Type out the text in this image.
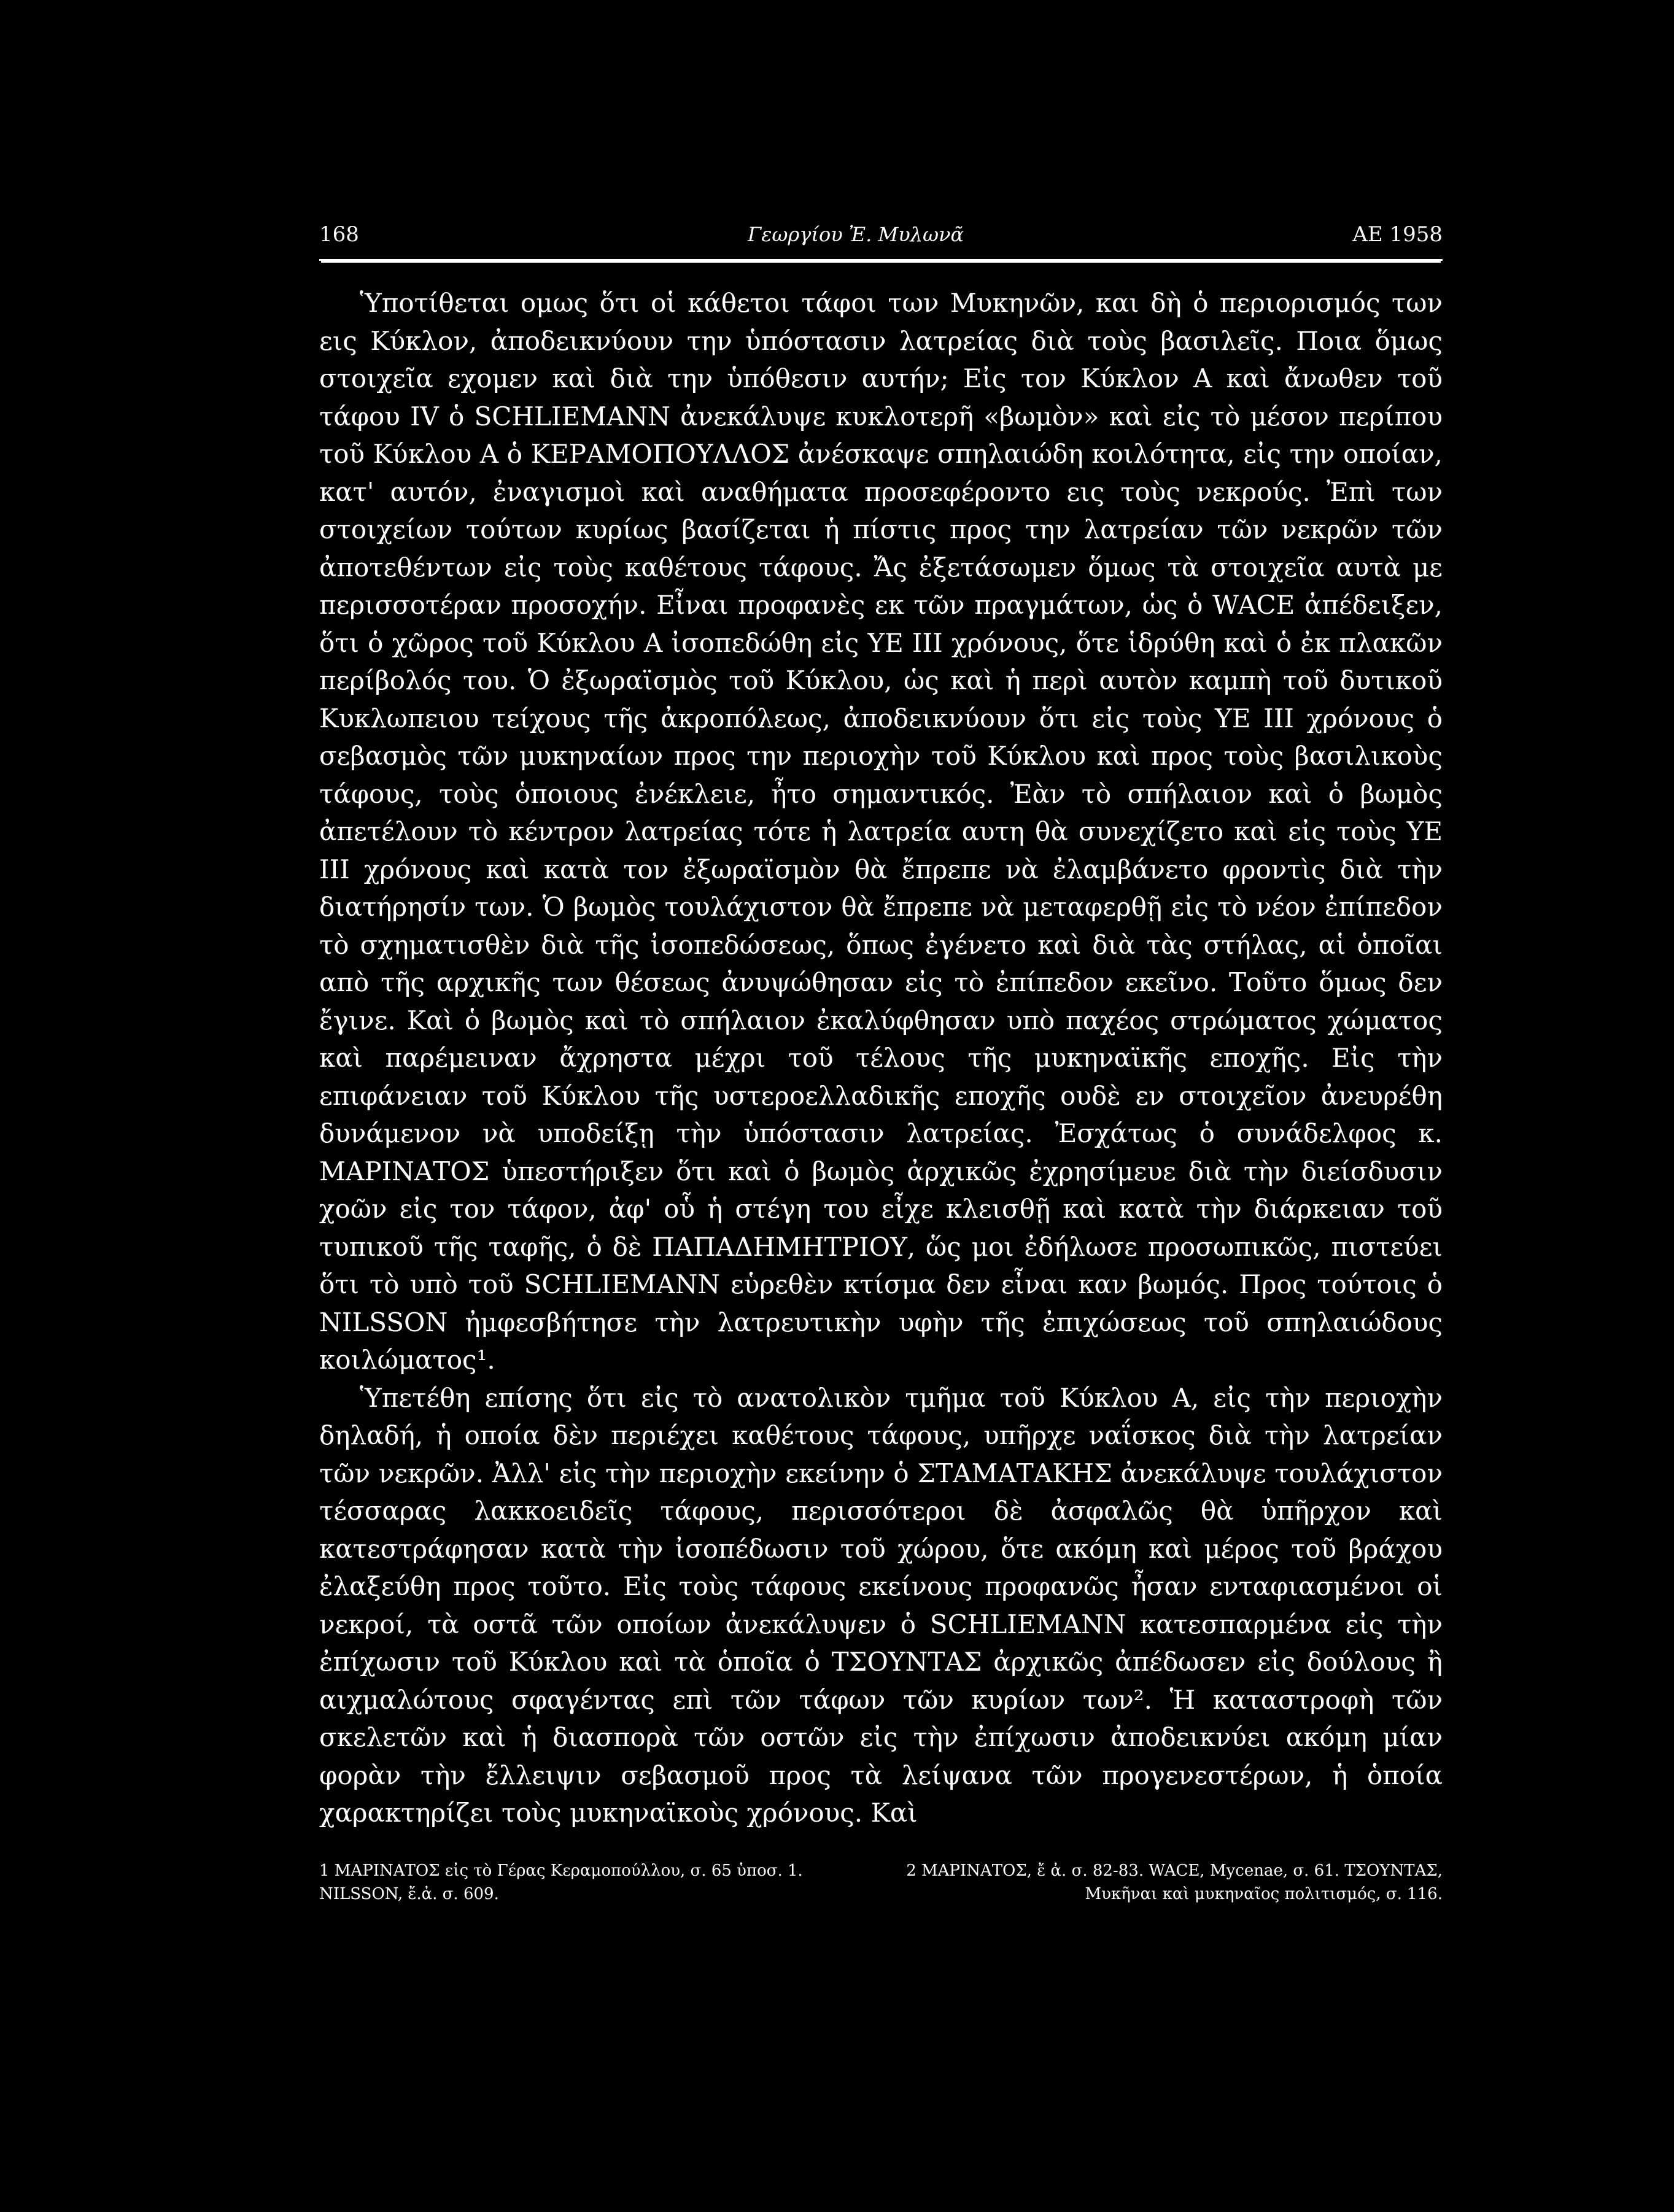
168	Γεωργίου Ἐ. Μυλωνᾶ	ΑΕ 1958

Ὑποτίθεται ομως ὅτι οἱ κάθετοι τάφοι των Μυκηνῶν, και δὴ ὁ περιορισμός των εις Κύκλον, ἀποδεικνύουν την ὑπόστασιν λατρείας διὰ τοὺς βασιλεῖς. Ποια ὅμως στοιχεῖα εχομεν καὶ διὰ την ὑπόθεσιν αυτήν; Εἰς τον Κύκλον Α καὶ ἄνωθεν τοῦ τάφου IV ὁ SCHLIEMANN ἀνεκάλυψε κυκλοτερῆ «βωμὸν» καὶ εἰς τὸ μέσον περίπου τοῦ Κύκλου Α ὁ ΚΕΡΑΜΟΠΟΥΛΛΟΣ ἀνέσκαψε σπηλαιώδη κοιλότητα, εἰς την οποίαν, κατ' αυτόν, ἐναγισμοὶ καὶ αναθήματα προσεφέροντο εις τοὺς νεκρούς. Ἐπὶ των στοιχείων τούτων κυρίως βασίζεται ἡ πίστις προς την λατρείαν τῶν νεκρῶν τῶν ἀποτεθέντων εἰς τοὺς καθέτους τάφους. Ἄς ἐξετάσωμεν ὅμως τὰ στοιχεῖα αυτὰ με περισσοτέραν προσοχήν. Εἶναι προφανὲς εκ τῶν πραγμάτων, ὡς ὁ WACE ἀπέδειξεν, ὅτι ὁ χῶρος τοῦ Κύκλου Α ἰσοπεδώθη εἰς ΥΕ III χρόνους, ὅτε ἱδρύθη καὶ ὁ ἐκ πλακῶν περίβολός του. Ὁ ἐξωραϊσμὸς τοῦ Κύκλου, ὡς καὶ ἡ περὶ αυτὸν καμπὴ τοῦ δυτικοῦ Κυκλωπειου τείχους τῆς ἀκροπόλεως, ἀποδεικνύουν ὅτι εἰς τοὺς ΥΕ III χρόνους ὁ σεβασμὸς τῶν μυκηναίων προς την περιοχὴν τοῦ Κύκλου καὶ προς τοὺς βασιλικοὺς τάφους, τοὺς ὁποιους ἐνέκλειε, ἦτο σημαντικός. Ἐὰν τὸ σπήλαιον καὶ ὁ βωμὸς ἀπετέλουν τὸ κέντρον λατρείας τότε ἡ λατρεία αυτη θὰ συνεχίζετο καὶ εἰς τοὺς ΥΕ III χρόνους καὶ κατὰ τον ἐξωραϊσμὸν θὰ ἔπρεπε νὰ ἐλαμβάνετο φροντὶς διὰ τὴν διατήρησίν των. Ὁ βωμὸς τουλάχιστον θὰ ἔπρεπε νὰ μεταφερθῇ εἰς τὸ νέον ἐπίπεδον τὸ σχηματισθὲν διὰ τῆς ἰσοπεδώσεως, ὅπως ἐγένετο καὶ διὰ τὰς στήλας, αἱ ὁποῖαι απὸ τῆς αρχικῆς των θέσεως ἀνυψώθησαν εἰς τὸ ἐπίπεδον εκεῖνο. Τοῦτο ὅμως δεν ἔγινε. Καὶ ὁ βωμὸς καὶ τὸ σπήλαιον ἐκαλύφθησαν υπὸ παχέος στρώματος χώματος καὶ παρέμειναν ἄχρηστα μέχρι τοῦ τέλους τῆς μυκηναϊκῆς εποχῆς. Εἰς τὴν επιφάνειαν τοῦ Κύκλου τῆς υστεροελλαδικῆς εποχῆς ουδὲ εν στοιχεῖον ἀνευρέθη δυνάμενον νὰ υποδείξῃ τὴν ὑπόστασιν λατρείας. Ἐσχάτως ὁ συνάδελφος κ. ΜΑΡΙΝΑΤΟΣ ὑπεστήριξεν ὅτι καὶ ὁ βωμὸς ἀρχικῶς ἐχρησίμευε διὰ τὴν διείσδυσιν χοῶν εἰς τον τάφον, ἀφ' οὗ ἡ στέγη του εἶχε κλεισθῇ καὶ κατὰ τὴν διάρκειαν τοῦ τυπικοῦ τῆς ταφῆς, ὁ δὲ ΠΑΠΑΔΗΜΗΤΡΙΟΥ, ὥς μοι ἐδήλωσε προσωπικῶς, πιστεύει ὅτι τὸ υπὸ τοῦ SCHLIEMANN εὑρεθὲν κτίσμα δεν εἶναι καν βωμός. Προς τούτοις ὁ NILSSON ἠμφεσβήτησε τὴν λατρευτικὴν υφὴν τῆς ἐπιχώσεως τοῦ σπηλαιώδους κοιλώματος¹.

Ὑπετέθη επίσης ὅτι εἰς τὸ ανατολικὸν τμῆμα τοῦ Κύκλου Α, εἰς τὴν περιοχὴν δηλαδή, ἡ οποία δὲν περιέχει καθέτους τάφους, υπῆρχε ναΐσκος διὰ τὴν λατρείαν τῶν νεκρῶν. Ἀλλ' εἰς τὴν περιοχὴν εκείνην ὁ ΣΤΑΜΑΤΑΚΗΣ ἀνεκάλυψε τουλάχιστον τέσσαρας λακκοειδεῖς τάφους, περισσότεροι δὲ ἀσφαλῶς θὰ ὑπῆρχον καὶ κατεστράφησαν κατὰ τὴν ἰσοπέδωσιν τοῦ χώρου, ὅτε ακόμη καὶ μέρος τοῦ βράχου ἐλαξεύθη προς τοῦτο. Εἰς τοὺς τάφους εκείνους προφανῶς ἦσαν ενταφιασμένοι οἱ νεκροί, τὰ οστᾶ τῶν οποίων ἀνεκάλυψεν ὁ SCHLIEMANN κατεσπαρμένα εἰς τὴν ἐπίχωσιν τοῦ Κύκλου καὶ τὰ ὁποῖα ὁ ΤΣΟΥΝΤΑΣ ἀρχικῶς ἀπέδωσεν εἰς δούλους ἢ αιχμαλώτους σφαγέντας επὶ τῶν τάφων τῶν κυρίων των². Ἡ καταστροφὴ τῶν σκελετῶν καὶ ἡ διασπορὰ τῶν οστῶν εἰς τὴν ἐπίχωσιν ἀποδεικνύει ακόμη μίαν φορὰν τὴν ἔλλειψιν σεβασμοῦ προς τὰ λείψανα τῶν προγενεστέρων, ἡ ὁποία χαρακτηρίζει τοὺς μυκηναϊκοὺς χρόνους. Καὶ

1 ΜΑΡΙΝΑΤΟΣ εἰς τὸ Γέρας Κεραμοπούλλου, σ. 65 ὑποσ. 1. NILSSON, ἔ.ἀ. σ. 609.
2 ΜΑΡΙΝΑΤΟΣ, ἔ ἀ. σ. 82-83. WACE, Mycenae, σ. 61. ΤΣΟΥΝΤΑΣ, Μυκῆναι καὶ μυκηναῖος πολιτισμός, σ. 116.
